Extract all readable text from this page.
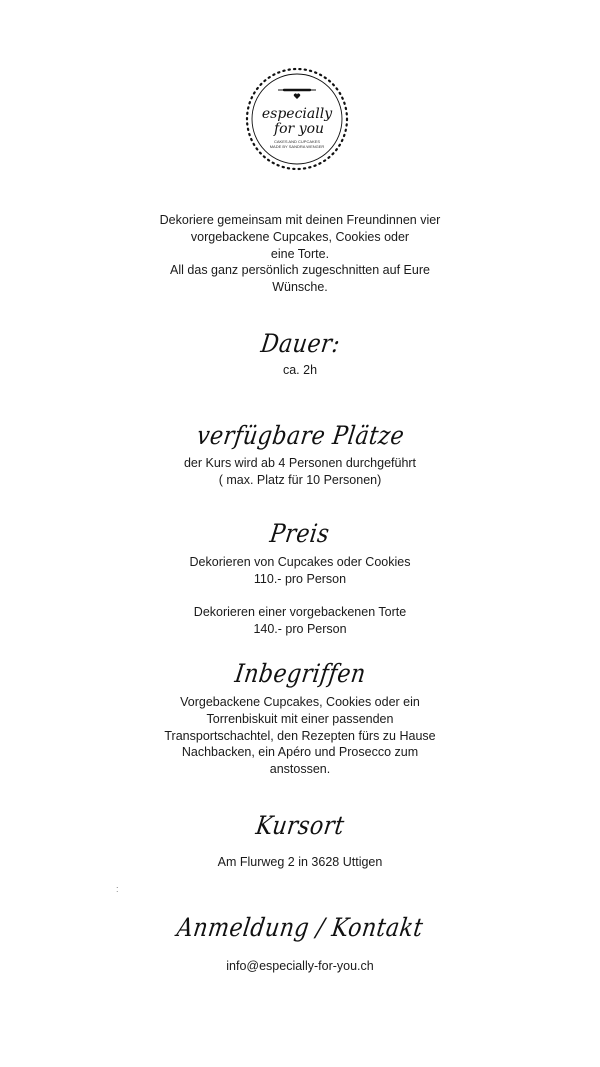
especially
for you
CAKES AND CUPCAKES
MADE BY SANDRA WENGER

Dekoriere gemeinsam mit deinen Freundinnen vier
vorgebackene Cupcakes, Cookies oder
eine Torte.
All das ganz persönlich zugeschnitten auf Eure
Wünsche.

Dauer:

ca. 2h

verfügbare Plätze

der Kurs wird ab 4 Personen durchgeführt
( max. Platz für 10 Personen)

Preis

Dekorieren von Cupcakes oder Cookies
110.- pro Person

Dekorieren einer vorgebackenen Torte
140.- pro Person

Inbegriffen

Vorgebackene Cupcakes, Cookies oder ein
Torrenbiskuit mit einer passenden
Transportschachtel, den Rezepten fürs zu Hause
Nachbacken, ein Apéro und Prosecco zum
anstossen.

Kursort

Am Flurweg 2 in 3628 Uttigen

:
Anmeldung / Kontakt

info@especially-for-you.ch
